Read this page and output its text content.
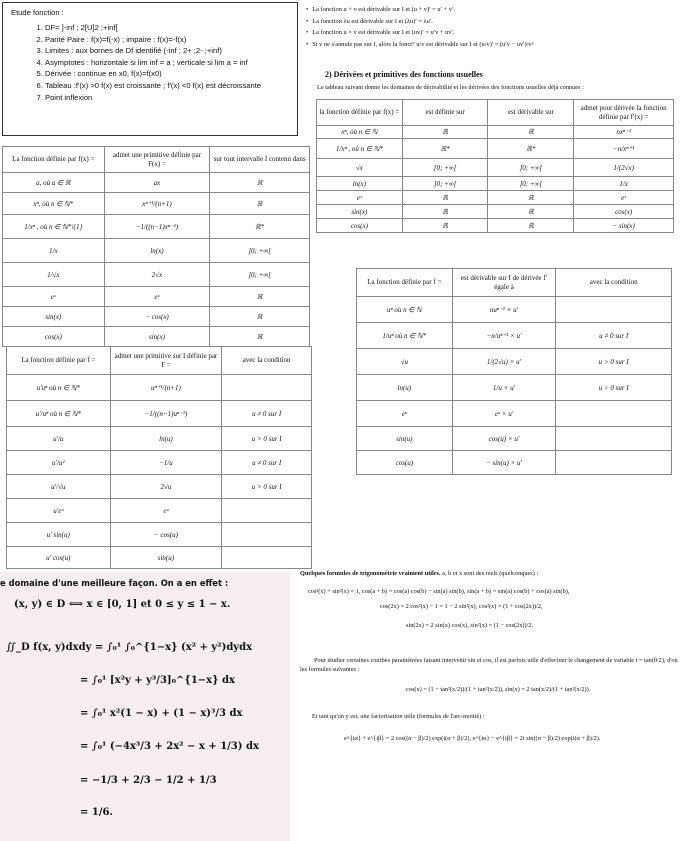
Etude fonction :
1. DF= ]-inf ; 2[U]2 ;+inf[
2. Parité Paire : f(x)=f(-x) ; impaire : f(x)=-f(x)
3. Limites : aux bornes de Df identifié (-inf ; 2+ ;2- ;+inf)
4. Asymptotes : horizontale si lim inf = a ; verticale si lim a = inf
5. Dérivée : continue en x0, f(x)=f(x0)
6. Tableau :f'(x) >0 f(x) est croissante ; f'(x) <0 f(x) est décroissante
7. Point inflexion
• La fonction u + v est dérivable sur I et (u + v)′ = u′ + v′.
• La fonction λu est dérivable sur I et (λu)′ = λu′.
• La fonction u × v est dérivable sur I et (uv)′ = u′v + uv′.
• Si v ne s'annule pas sur I, alors la fonct° u/v est dérivable sur I et (u/v)′ = (u′v − uv′)/v²
2) Dérivées et primitives des fonctions usuelles
Le tableau suivant donne les domaines de dérivabilité et les dérivées des fonctions usuelles déjà connues :
la fonction définie par f(x) =	est définie sur	est dérivable sur	admet pour dérivée la fonction définie par f′(x) =
xⁿ, où n ∈ ℕ	ℝ	ℝ	nxⁿ⁻¹
1/xⁿ , où n ∈ ℕ*	ℝ*	ℝ*	−n/xⁿ⁺¹
√x	[0; +∞[	]0; +∞[	1/(2√x)
ln(x)	]0; +∞[	]0; +∞[	1/x
eˣ	ℝ	ℝ	eˣ
sin(x)	ℝ	ℝ	cos(x)
cos(x)	ℝ	ℝ	− sin(x)
La fonction définie par f(x) =	admet une primitive définie par F(x) =	sur tout intervalle I contenu dans
a, où a ∈ ℝ	ax	ℝ
xⁿ, où n ∈ ℕ*	xⁿ⁺¹/(n+1)	ℝ
1/xⁿ , où n ∈ ℕ*\{1}	−1/((n−1)xⁿ⁻¹)	ℝ*
1/x	ln(x)	]0; +∞[
1/√x	2√x	]0; +∞[
eˣ	eˣ	ℝ
sin(x)	− cos(x)	ℝ
cos(x)	sin(x)	ℝ
La fonction définie par f =	admet une primitive sur I définie par F =	avec la condition
u′uⁿ où n ∈ ℕ*	uⁿ⁺¹/(n+1)	
u′/uⁿ où n ∈ ℕ*	−1/((n−1)uⁿ⁻¹)	u ≠ 0 sur I
u′/u	ln(u)	u > 0 sur I
u′/u²	−1/u	u ≠ 0 sur I
u′/√u	2√u	u > 0 sur I
u′eᵘ	eᵘ	
u′ sin(u)	− cos(u)	
u′ cos(u)	sin(u)	
La fonction définie par f =	est dérivable sur I de dérivée f′ égale à	avec la condition
uⁿ où n ∈ ℕ	nuⁿ⁻¹ × u′	
1/uⁿ où n ∈ ℕ*	−n/uⁿ⁺¹ × u′	u ≠ 0 sur I
√u	1/(2√u) × u′	u > 0 sur I
ln(u)	1/u × u′	u > 0 sur I
eᵘ	eᵘ × u′	
sin(u)	cos(u) × u′	
cos(u)	− sin(u) × u′	
e domaine d'une meilleure façon. On a en effet :
(x, y) ∈ D ⟺ x ∈ [0, 1] et 0 ≤ y ≤ 1 − x.
∬_D f(x, y)dxdy = ∫₀¹ ∫₀^{1−x} (x² + y²)dydx
= ∫₀¹ [x²y + y³/3]₀^{1−x} dx
= ∫₀¹ x²(1 − x) + (1 − x)³/3 dx
= ∫₀¹ (−4x³/3 + 2x² − x + 1/3) dx
= −1/3 + 2/3 − 1/2 + 1/3
= 1/6.
Quelques formules de trigonométrie vraiment utiles. a, b et x sont des réels (quelconques) :
cos²(x) + sin²(x) = 1, cos(a + b) = cos(a) cos(b) − sin(a) sin(b), sin(a + b) = sin(a) cos(b) + cos(a) sin(b),
cos(2x) = 2 cos²(x) − 1 = 1 − 2 sin²(x), cos²(x) = (1 + cos(2x))/2,
sin(2x) = 2 sin(x) cos(x), sin²(x) = (1 − cos(2x))/2.
Pour étudier certaines courbes paramétrées faisant intervenir sin et cos, il est parfois utile d'effectuer le changement de variable t = tan(θ/2), d'où les formules suivantes :
cos(x) = (1 − tan²(x/2))/(1 + tan²(x/2)), sin(x) = 2 tan(x/2)/(1 + tan²(x/2)).
Et tant qu'on y est, une factorisation utile (formules de l'arc-moitié) :
e^{iα} + e^{iβ} = 2 cos((α − β)/2) exp(i(α + β)/2), e^{iα} − e^{iβ} = 2i sin((α − β)/2) exp(i(α + β)/2).
